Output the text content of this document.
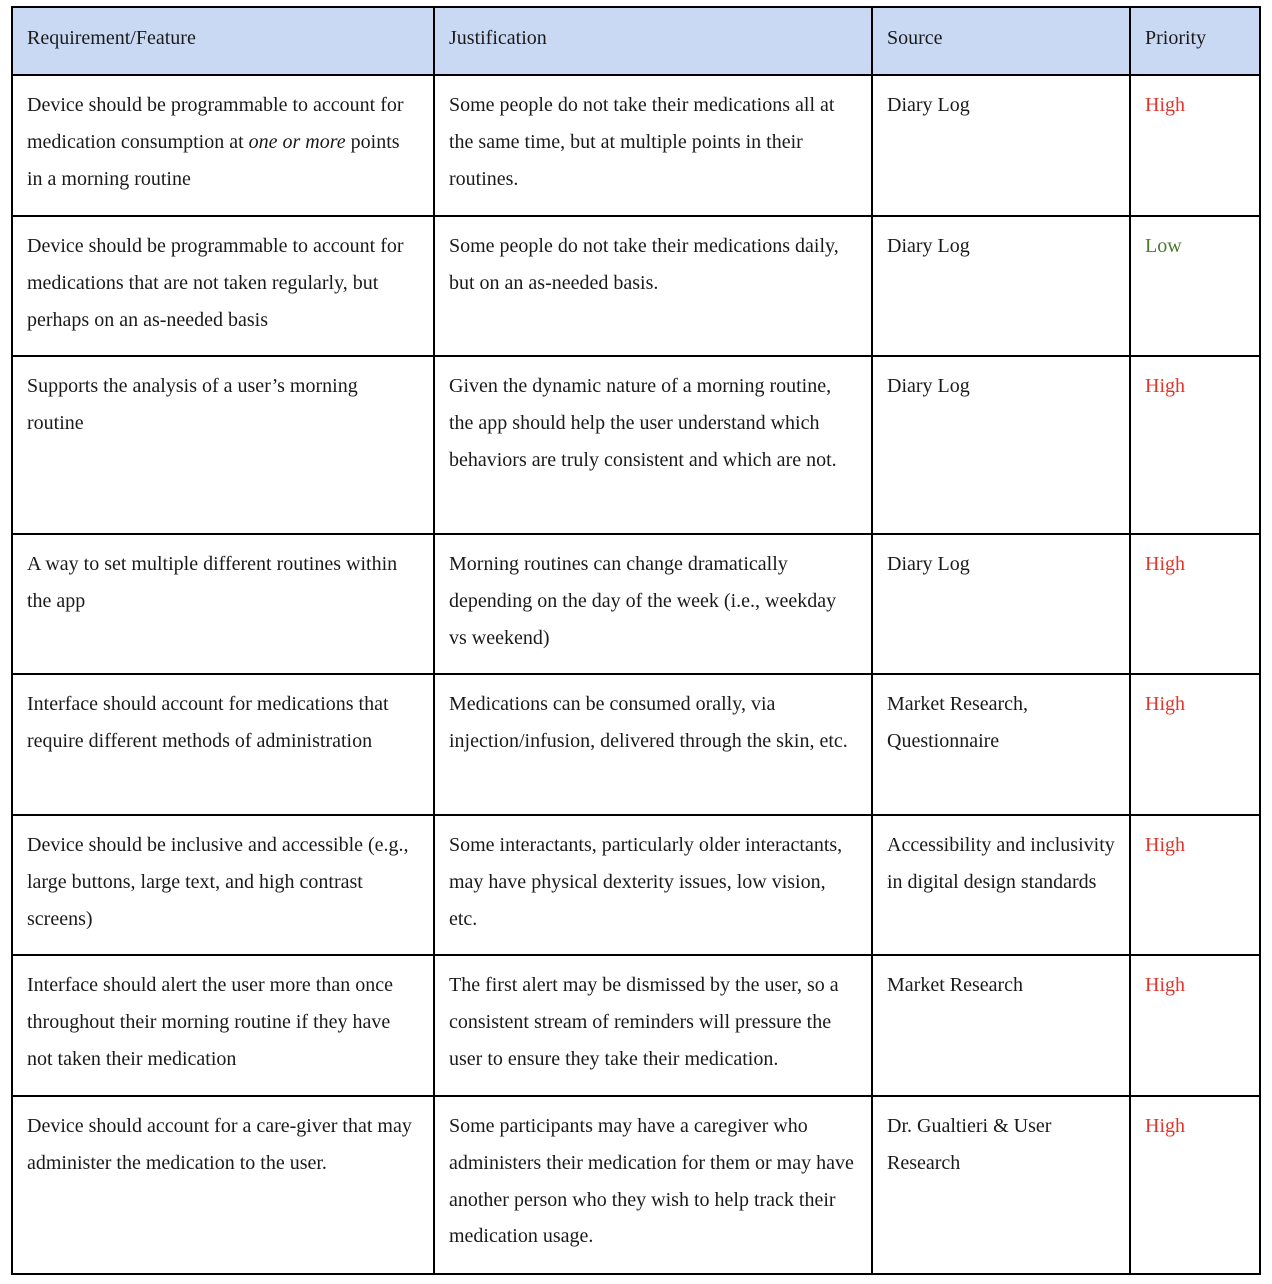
Requirement/Feature	Justification	Source	Priority
Device should be programmable to account for medication consumption at one or more points in a morning routine	Some people do not take their medications all at the same time, but at multiple points in their routines.	Diary Log	High
Device should be programmable to account for medications that are not taken regularly, but perhaps on an as-needed basis	Some people do not take their medications daily, but on an as-needed basis.	Diary Log	Low
Supports the analysis of a user’s morning routine	Given the dynamic nature of a morning routine, the app should help the user understand which behaviors are truly consistent and which are not.	Diary Log	High
A way to set multiple different routines within the app	Morning routines can change dramatically depending on the day of the week (i.e., weekday vs weekend)	Diary Log	High
Interface should account for medications that require different methods of administration	Medications can be consumed orally, via injection/infusion, delivered through the skin, etc.	Market Research, Questionnaire	High
Device should be inclusive and accessible (e.g., large buttons, large text, and high contrast screens)	Some interactants, particularly older interactants, may have physical dexterity issues, low vision, etc.	Accessibility and inclusivity in digital design standards	High
Interface should alert the user more than once throughout their morning routine if they have not taken their medication	The first alert may be dismissed by the user, so a consistent stream of reminders will pressure the user to ensure they take their medication.	Market Research	High
Device should account for a care-giver that may administer the medication to the user.	Some participants may have a caregiver who administers their medication for them or may have another person who they wish to help track their medication usage.	Dr. Gualtieri & User Research	High
